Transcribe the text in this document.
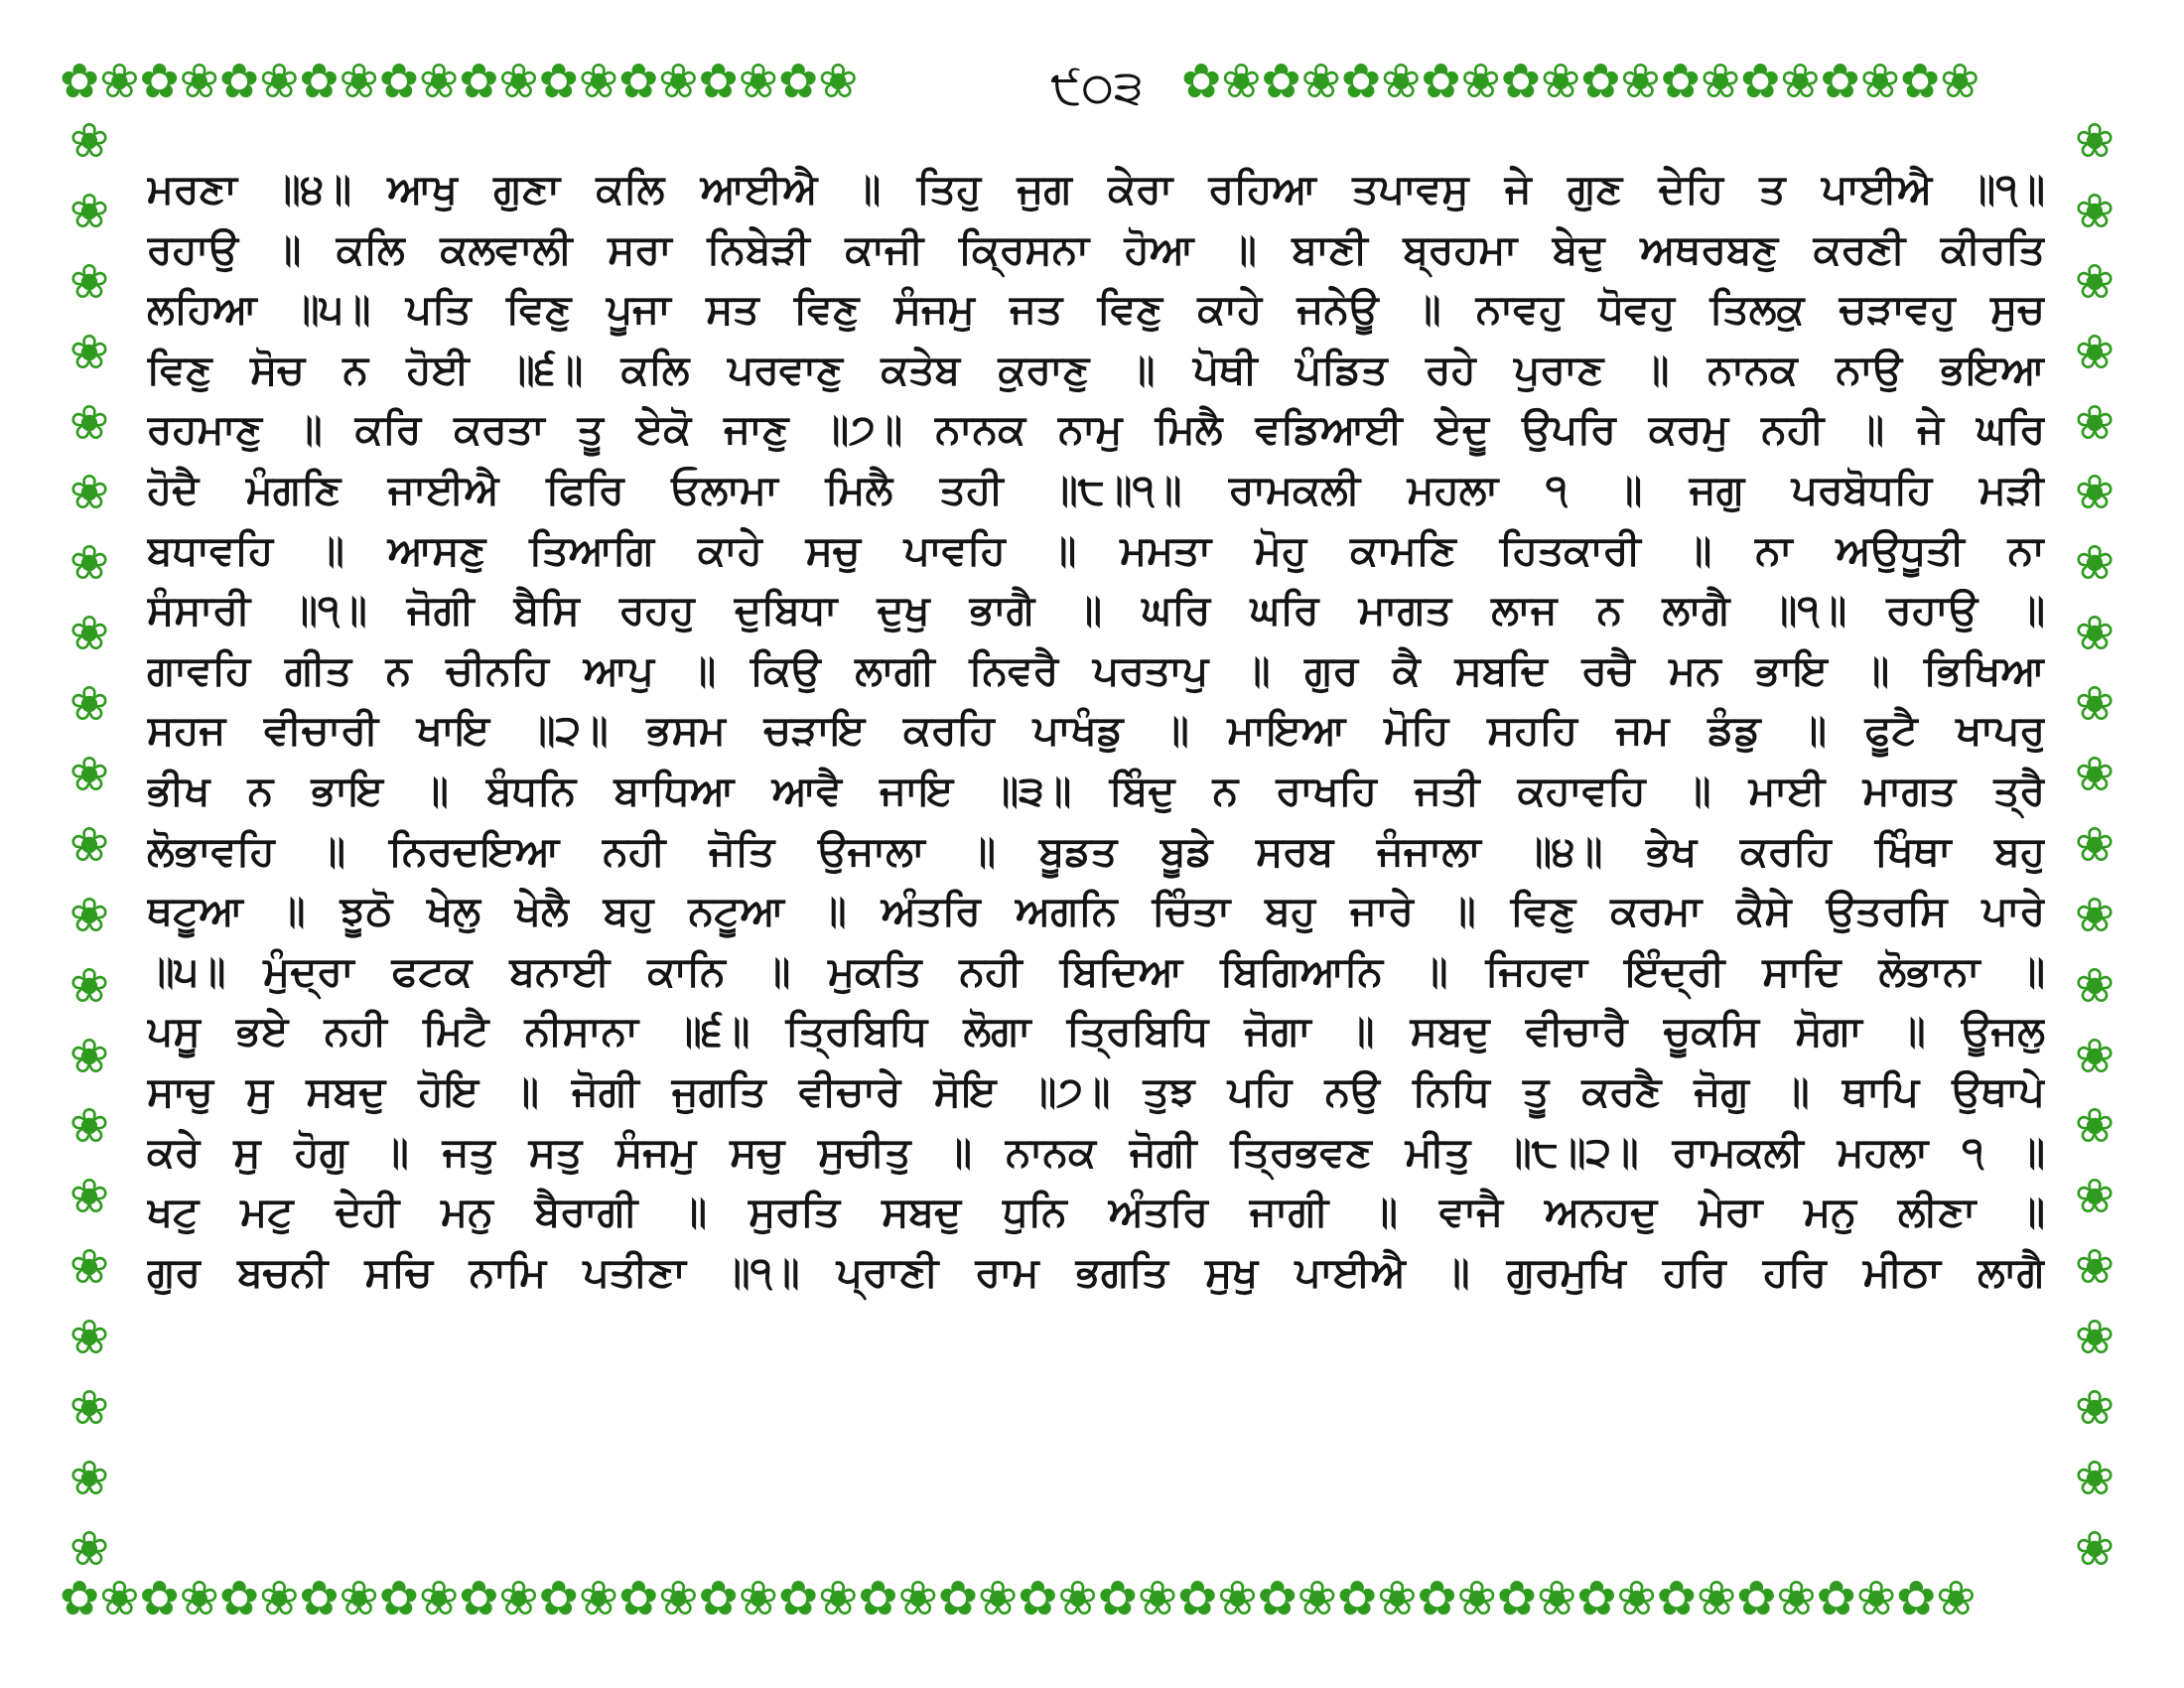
✿❀✿❀✿❀✿❀✿❀✿❀✿❀✿❀✿❀✿❀	੯੦੩ ✿❀✿❀✿❀✿❀✿❀✿❀✿❀✿❀✿❀✿❀
❀
❀
❀
❀
❀
❀
❀
❀
❀
❀
❀
❀
❀
❀
❀
❀
❀
❀
❀
❀
❀
❀
❀
❀
❀
❀
❀
❀
❀
❀
❀
❀
❀
❀
❀
❀
❀
❀
❀
❀
❀
❀
✿❀✿❀✿❀✿❀✿❀✿❀✿❀✿❀✿❀✿❀✿❀✿❀✿❀✿❀✿❀✿❀✿❀✿❀✿❀✿❀✿❀✿❀✿❀✿❀
ਮਰਣਾ ॥੪॥ ਆਖੁ ਗੁਣਾ ਕਲਿ ਆਈਐ ॥ ਤਿਹੁ ਜੁਗ ਕੇਰਾ ਰਹਿਆ ਤਪਾਵਸੁ ਜੇ ਗੁਣ ਦੇਹਿ ਤ ਪਾਈਐ ॥੧॥
ਰਹਾਉ ॥ ਕਲਿ ਕਲਵਾਲੀ ਸਰਾ ਨਿਬੇੜੀ ਕਾਜੀ ਕ੍ਰਿਸਨਾ ਹੋਆ ॥ ਬਾਣੀ ਬ੍ਰਹਮਾ ਬੇਦੁ ਅਥਰਬਣੁ ਕਰਣੀ ਕੀਰਤਿ
ਲਹਿਆ ॥੫॥ ਪਤਿ ਵਿਣੁ ਪੂਜਾ ਸਤ ਵਿਣੁ ਸੰਜਮੁ ਜਤ ਵਿਣੁ ਕਾਹੇ ਜਨੇਊ ॥ ਨਾਵਹੁ ਧੋਵਹੁ ਤਿਲਕੁ ਚੜਾਵਹੁ ਸੁਚ
ਵਿਣੁ ਸੋਚ ਨ ਹੋਈ ॥੬॥ ਕਲਿ ਪਰਵਾਣੁ ਕਤੇਬ ਕੁਰਾਣੁ ॥ ਪੋਥੀ ਪੰਡਿਤ ਰਹੇ ਪੁਰਾਣ ॥ ਨਾਨਕ ਨਾਉ ਭਇਆ
ਰਹਮਾਣੁ ॥ ਕਰਿ ਕਰਤਾ ਤੂ ਏਕੋ ਜਾਣੁ ॥੭॥ ਨਾਨਕ ਨਾਮੁ ਮਿਲੈ ਵਡਿਆਈ ਏਦੂ ਉਪਰਿ ਕਰਮੁ ਨਹੀ ॥ ਜੇ ਘਰਿ
ਹੋਦੈ ਮੰਗਣਿ ਜਾਈਐ ਫਿਰਿ ਓਲਾਮਾ ਮਿਲੈ ਤਹੀ ॥੮॥੧॥ ਰਾਮਕਲੀ ਮਹਲਾ ੧ ॥ ਜਗੁ ਪਰਬੋਧਹਿ ਮੜੀ
ਬਧਾਵਹਿ ॥ ਆਸਣੁ ਤਿਆਗਿ ਕਾਹੇ ਸਚੁ ਪਾਵਹਿ ॥ ਮਮਤਾ ਮੋਹੁ ਕਾਮਣਿ ਹਿਤਕਾਰੀ ॥ ਨਾ ਅਉਧੂਤੀ ਨਾ
ਸੰਸਾਰੀ ॥੧॥ ਜੋਗੀ ਬੈਸਿ ਰਹਹੁ ਦੁਬਿਧਾ ਦੁਖੁ ਭਾਗੈ ॥ ਘਰਿ ਘਰਿ ਮਾਗਤ ਲਾਜ ਨ ਲਾਗੈ ॥੧॥ ਰਹਾਉ ॥
ਗਾਵਹਿ ਗੀਤ ਨ ਚੀਨਹਿ ਆਪੁ ॥ ਕਿਉ ਲਾਗੀ ਨਿਵਰੈ ਪਰਤਾਪੁ ॥ ਗੁਰ ਕੈ ਸਬਦਿ ਰਚੈ ਮਨ ਭਾਇ ॥ ਭਿਖਿਆ
ਸਹਜ ਵੀਚਾਰੀ ਖਾਇ ॥੨॥ ਭਸਮ ਚੜਾਇ ਕਰਹਿ ਪਾਖੰਡੁ ॥ ਮਾਇਆ ਮੋਹਿ ਸਹਹਿ ਜਮ ਡੰਡੁ ॥ ਫੂਟੈ ਖਾਪਰੁ
ਭੀਖ ਨ ਭਾਇ ॥ ਬੰਧਨਿ ਬਾਧਿਆ ਆਵੈ ਜਾਇ ॥੩॥ ਬਿੰਦੁ ਨ ਰਾਖਹਿ ਜਤੀ ਕਹਾਵਹਿ ॥ ਮਾਈ ਮਾਗਤ ਤ੍ਰੈ
ਲੋਭਾਵਹਿ ॥ ਨਿਰਦਇਆ ਨਹੀ ਜੋਤਿ ਉਜਾਲਾ ॥ ਬੂਡਤ ਬੂਡੇ ਸਰਬ ਜੰਜਾਲਾ ॥੪॥ ਭੇਖ ਕਰਹਿ ਖਿੰਥਾ ਬਹੁ
ਥਟੂਆ ॥ ਝੂਠੋ ਖੇਲੁ ਖੇਲੈ ਬਹੁ ਨਟੂਆ ॥ ਅੰਤਰਿ ਅਗਨਿ ਚਿੰਤਾ ਬਹੁ ਜਾਰੇ ॥ ਵਿਣੁ ਕਰਮਾ ਕੈਸੇ ਉਤਰਸਿ ਪਾਰੇ
॥੫॥ ਮੁੰਦ੍ਰਾ ਫਟਕ ਬਨਾਈ ਕਾਨਿ ॥ ਮੁਕਤਿ ਨਹੀ ਬਿਦਿਆ ਬਿਗਿਆਨਿ ॥ ਜਿਹਵਾ ਇੰਦ੍ਰੀ ਸਾਦਿ ਲੋਭਾਨਾ ॥
ਪਸੂ ਭਏ ਨਹੀ ਮਿਟੈ ਨੀਸਾਨਾ ॥੬॥ ਤ੍ਰਿਬਿਧਿ ਲੋਗਾ ਤ੍ਰਿਬਿਧਿ ਜੋਗਾ ॥ ਸਬਦੁ ਵੀਚਾਰੈ ਚੂਕਸਿ ਸੋਗਾ ॥ ਊਜਲੁ
ਸਾਚੁ ਸੁ ਸਬਦੁ ਹੋਇ ॥ ਜੋਗੀ ਜੁਗਤਿ ਵੀਚਾਰੇ ਸੋਇ ॥੭॥ ਤੁਝ ਪਹਿ ਨਉ ਨਿਧਿ ਤੂ ਕਰਣੈ ਜੋਗੁ ॥ ਥਾਪਿ ਉਥਾਪੇ
ਕਰੇ ਸੁ ਹੋਗੁ ॥ ਜਤੁ ਸਤੁ ਸੰਜਮੁ ਸਚੁ ਸੁਚੀਤੁ ॥ ਨਾਨਕ ਜੋਗੀ ਤ੍ਰਿਭਵਣ ਮੀਤੁ ॥੮॥੨॥ ਰਾਮਕਲੀ ਮਹਲਾ ੧ ॥
ਖਟੁ ਮਟੁ ਦੇਹੀ ਮਨੁ ਬੈਰਾਗੀ ॥ ਸੁਰਤਿ ਸਬਦੁ ਧੁਨਿ ਅੰਤਰਿ ਜਾਗੀ ॥ ਵਾਜੈ ਅਨਹਦੁ ਮੇਰਾ ਮਨੁ ਲੀਣਾ ॥
ਗੁਰ ਬਚਨੀ ਸਚਿ ਨਾਮਿ ਪਤੀਣਾ ॥੧॥ ਪ੍ਰਾਣੀ ਰਾਮ ਭਗਤਿ ਸੁਖੁ ਪਾਈਐ ॥ ਗੁਰਮੁਖਿ ਹਰਿ ਹਰਿ ਮੀਠਾ ਲਾਗੈ
